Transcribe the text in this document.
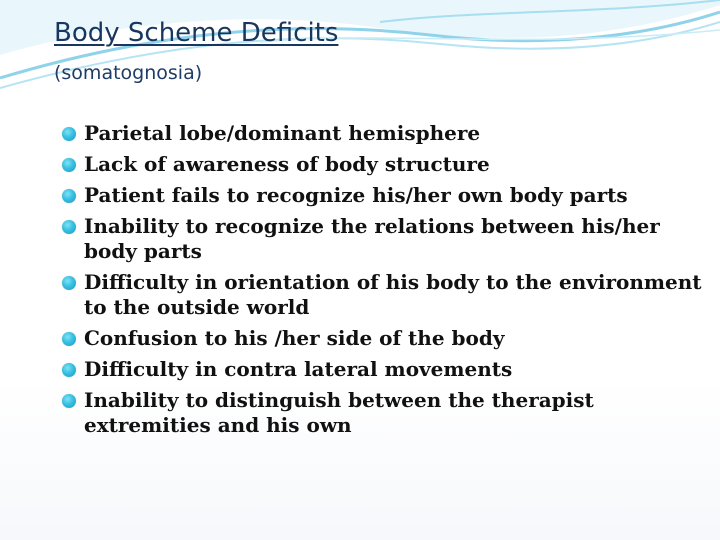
Body Scheme Deficits
(somatognosia)
Parietal lobe/dominant hemisphere
Lack of awareness of body structure
Patient fails to recognize his/her own body parts
Inability to recognize the relations between his/her body parts
Difficulty in orientation of his body to the environment to the outside world
Confusion to his /her side of the body
Difficulty in contra lateral movements
Inability to distinguish between the therapist extremities and his own
